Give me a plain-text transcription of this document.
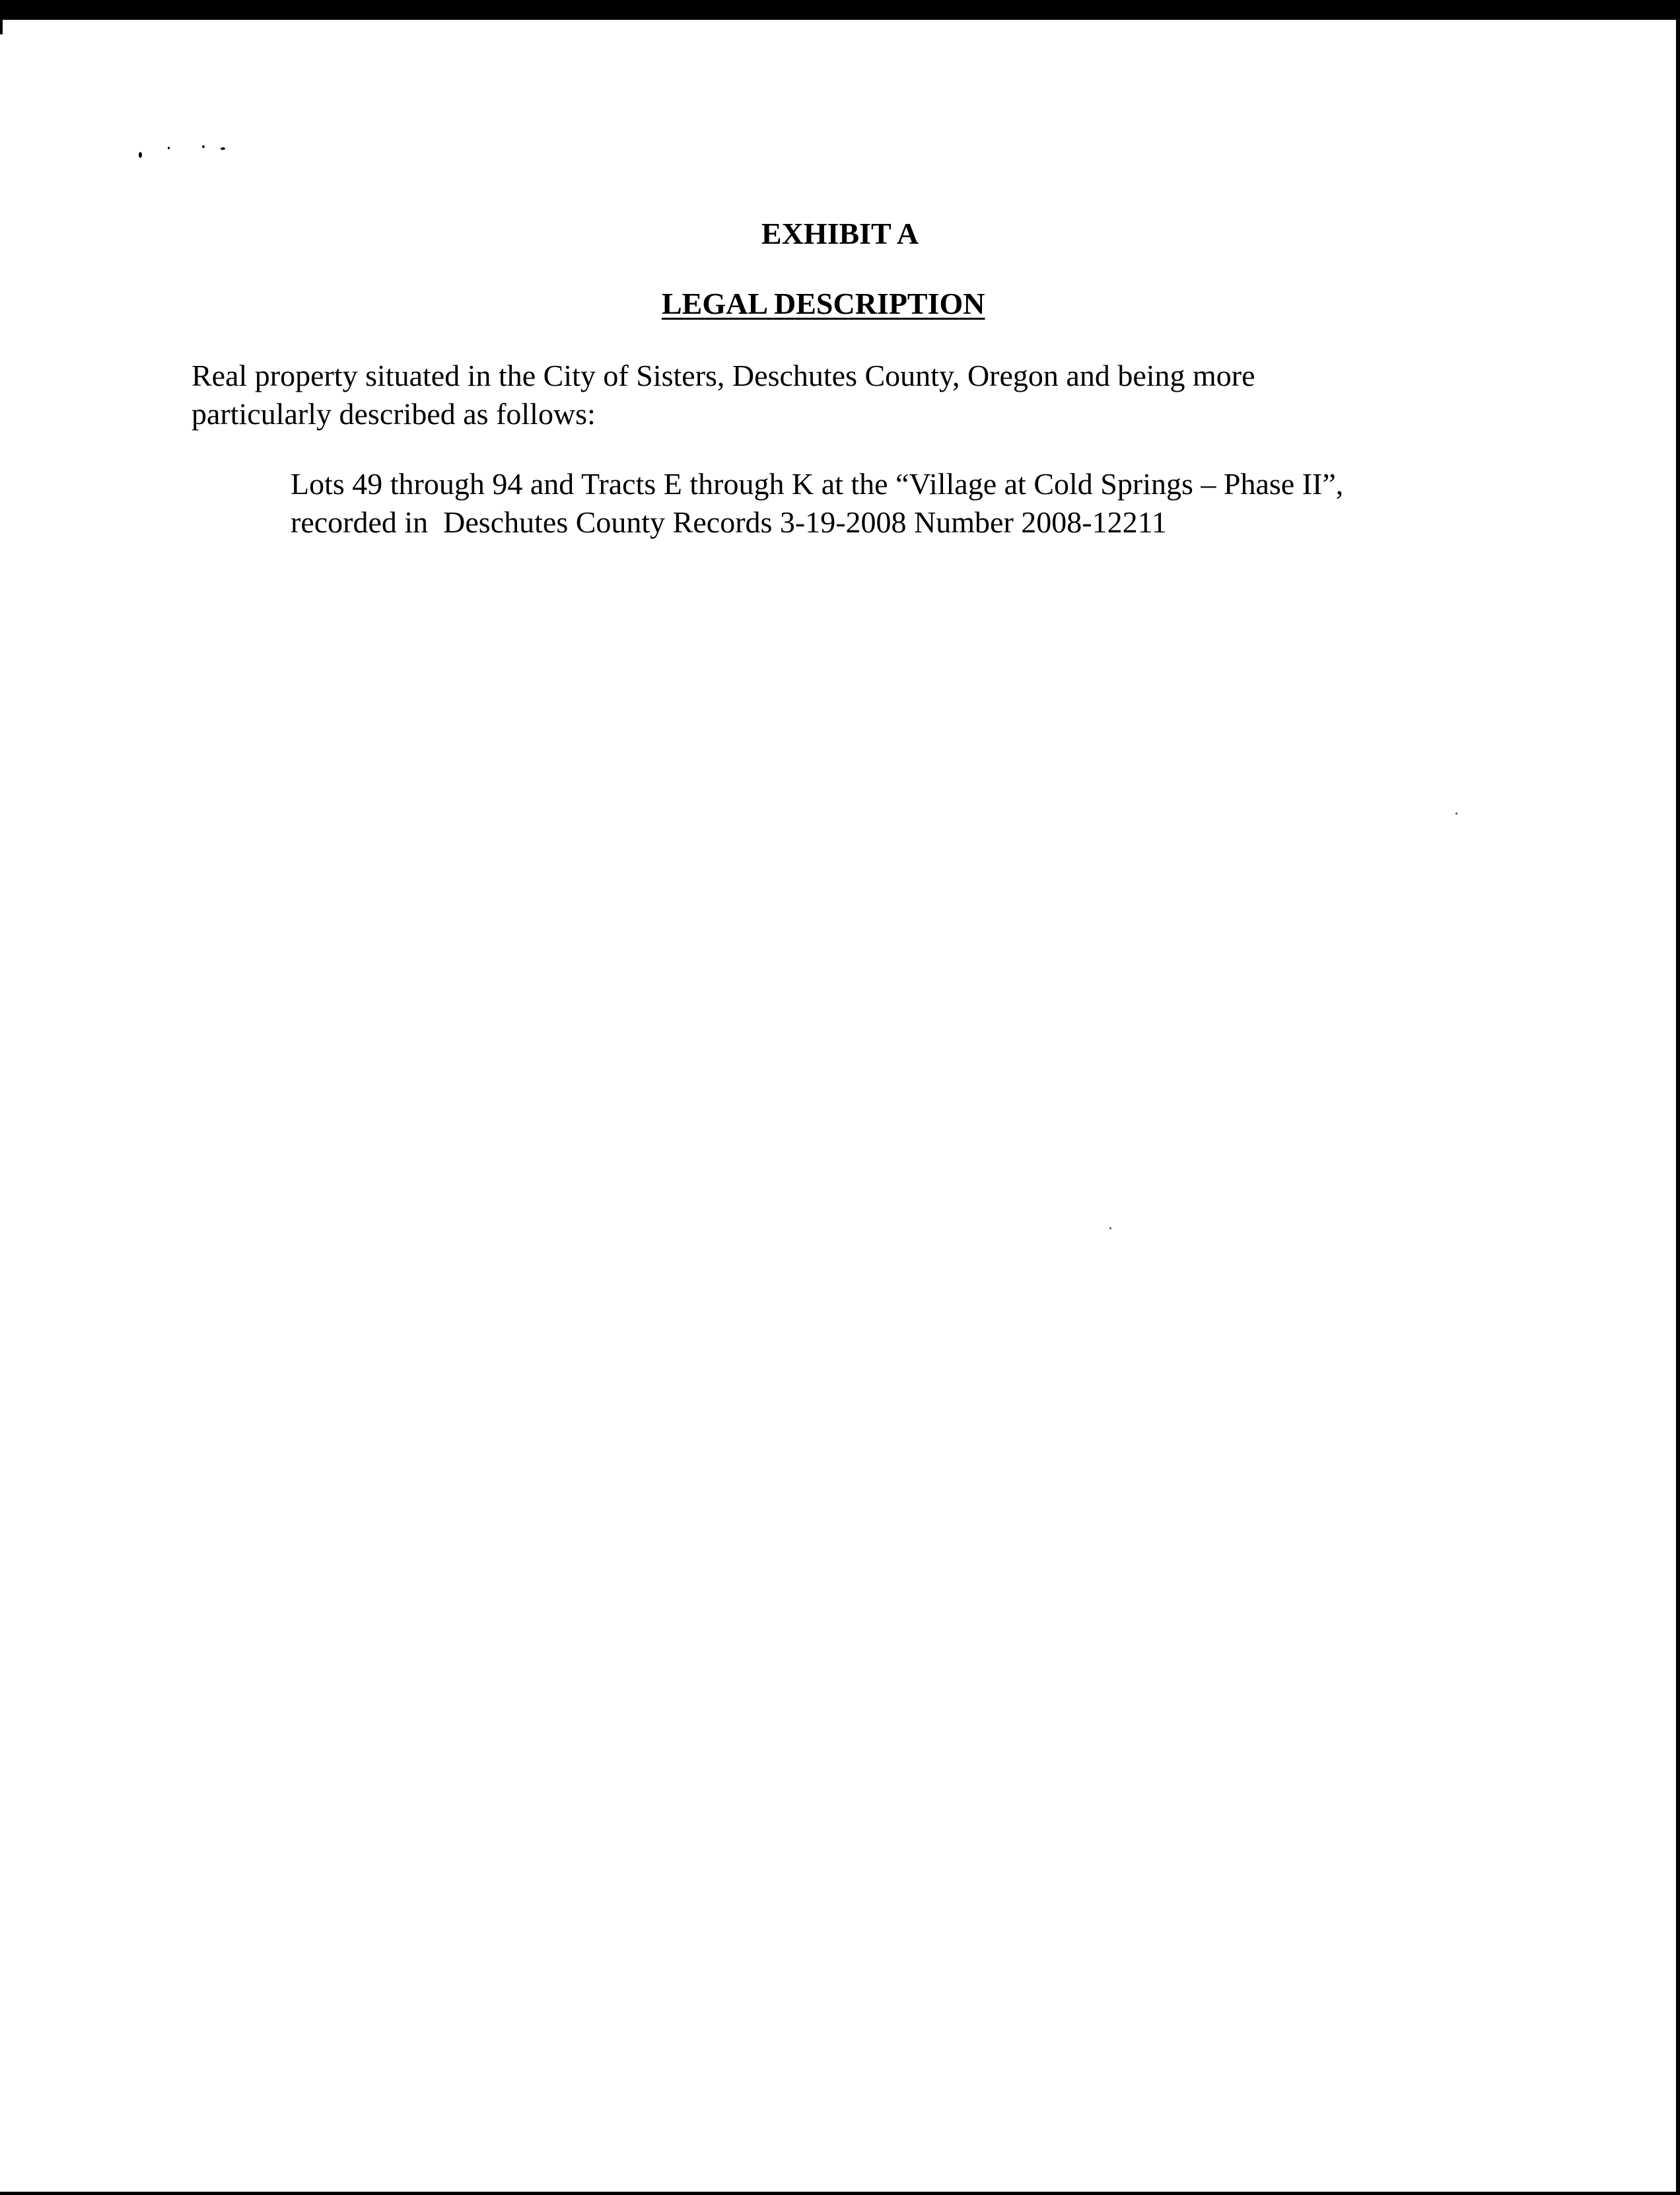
EXHIBIT A
LEGAL DESCRIPTION

Real property situated in the City of Sisters, Deschutes County, Oregon and being more
particularly described as follows:

Lots 49 through 94 and Tracts E through K at the “Village at Cold Springs – Phase II”,
recorded in  Deschutes County Records 3-19-2008 Number 2008-12211
